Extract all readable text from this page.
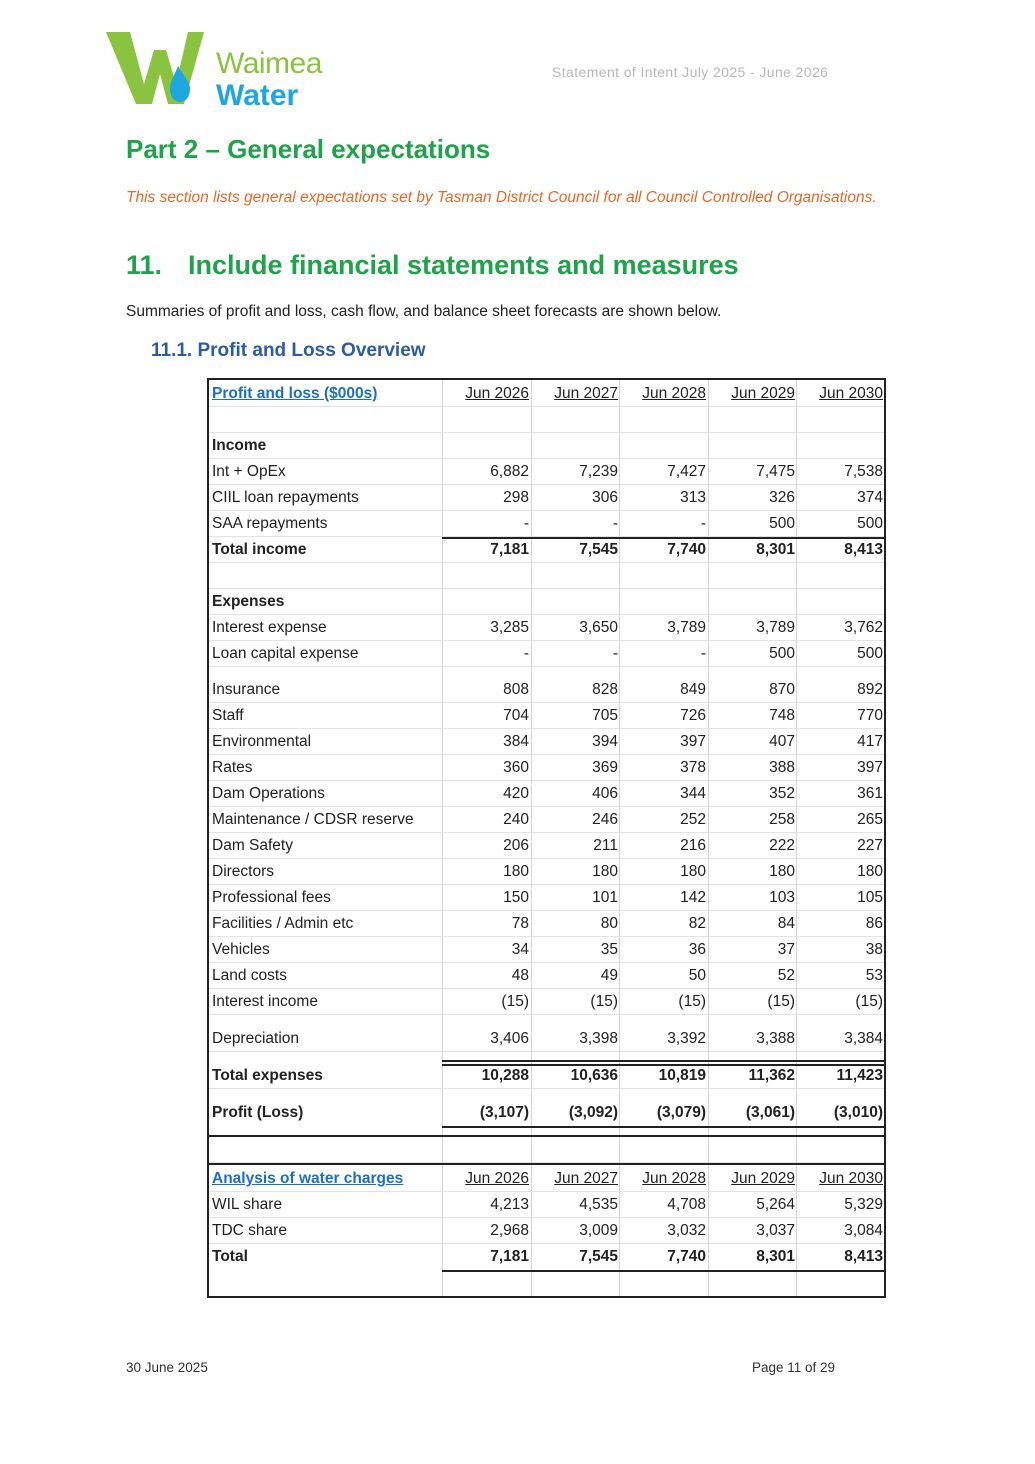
Waimea
Water
Statement of Intent July 2025 - June 2026
Part 2 – General expectations

This section lists general expectations set by Tasman District Council for all Council Controlled Organisations.

11. Include financial statements and measures

Summaries of profit and loss, cash flow, and balance sheet forecasts are shown below.

11.1. Profit and Loss Overview
Profit and loss ($000s)	Jun 2026	Jun 2027	Jun 2028	Jun 2029	Jun 2030
Income
Int + OpEx	6,882	7,239	7,427	7,475	7,538
CIIL loan repayments	298	306	313	326	374
SAA repayments	-	-	-	500	500
Total income	7,181	7,545	7,740	8,301	8,413
Expenses
Interest expense	3,285	3,650	3,789	3,789	3,762
Loan capital expense	-	-	-	500	500
Insurance	808	828	849	870	892
Staff	704	705	726	748	770
Environmental	384	394	397	407	417
Rates	360	369	378	388	397
Dam Operations	420	406	344	352	361
Maintenance / CDSR reserve	240	246	252	258	265
Dam Safety	206	211	216	222	227
Directors	180	180	180	180	180
Professional fees	150	101	142	103	105
Facilities / Admin etc	78	80	82	84	86
Vehicles	34	35	36	37	38
Land costs	48	49	50	52	53
Interest income	(15)	(15)	(15)	(15)	(15)
Depreciation	3,406	3,398	3,392	3,388	3,384
Total expenses	10,288	10,636	10,819	11,362	11,423
Profit (Loss)	(3,107)	(3,092)	(3,079)	(3,061)	(3,010)
Analysis of water charges	Jun 2026	Jun 2027	Jun 2028	Jun 2029	Jun 2030
WIL share	4,213	4,535	4,708	5,264	5,329
TDC share	2,968	3,009	3,032	3,037	3,084
Total	7,181	7,545	7,740	8,301	8,413
30 June 2025	Page 11 of 29
